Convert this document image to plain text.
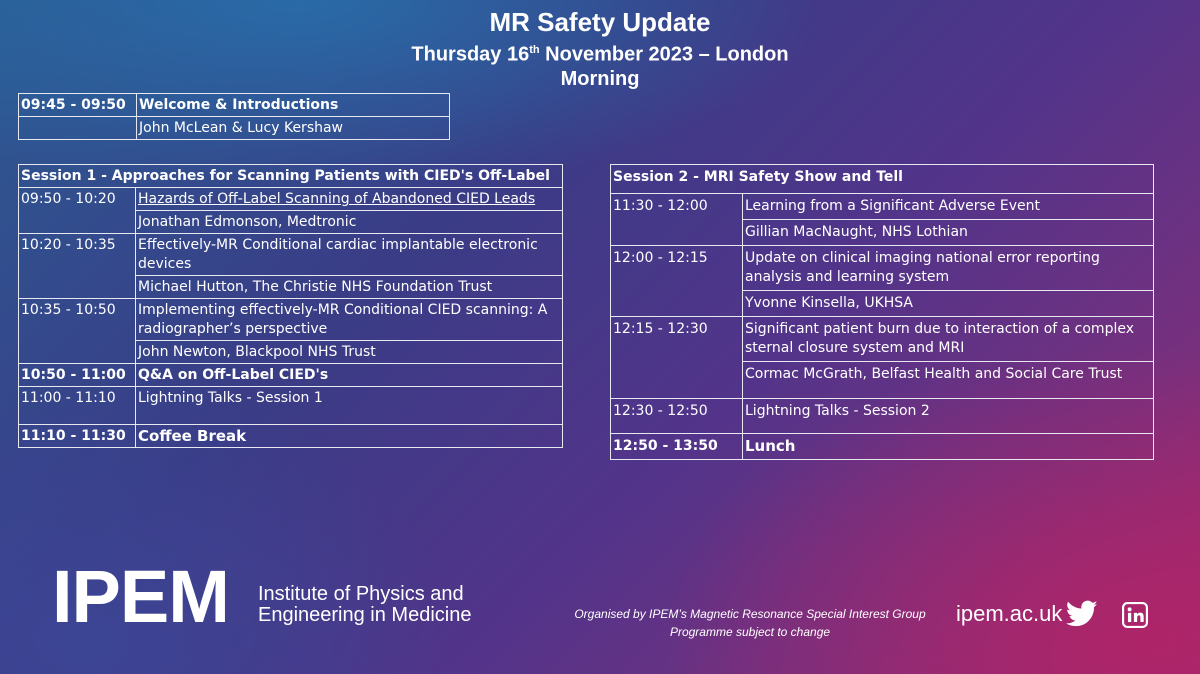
MR Safety Update
Thursday 16th November 2023 – London
Morning
09:45 - 09:50	Welcome & Introductions
	John McLean & Lucy Kershaw
Session 1 - Approaches for Scanning Patients with CIED's Off-Label	
09:50 - 10:20	Hazards of Off-Label Scanning of Abandoned CIED Leads
	Jonathan Edmonson, Medtronic
10:20 - 10:35	Effectively-MR Conditional cardiac implantable electronic devices
	Michael Hutton, The Christie NHS Foundation Trust
10:35 - 10:50	Implementing effectively-MR Conditional CIED scanning: A radiographer’s perspective
	John Newton, Blackpool NHS Trust
10:50 - 11:00	Q&A on Off-Label CIED's
11:00 - 11:10	Lightning Talks - Session 1
11:10 - 11:30	Coffee Break
Session 2 - MRI Safety Show and Tell	
11:30 - 12:00	Learning from a Significant Adverse Event
	Gillian MacNaught, NHS Lothian
12:00 - 12:15	Update on clinical imaging national error reporting analysis and learning system
	Yvonne Kinsella, UKHSA
12:15 - 12:30	Significant patient burn due to interaction of a complex sternal closure system and MRI
	Cormac McGrath, Belfast Health and Social Care Trust
12:30 - 12:50	Lightning Talks - Session 2
12:50 - 13:50	Lunch
IPEM Institute of Physics and
Engineering in Medicine	Organised by IPEM’s Magnetic Resonance Special Interest Group
Programme subject to change
ipem.ac.uk
